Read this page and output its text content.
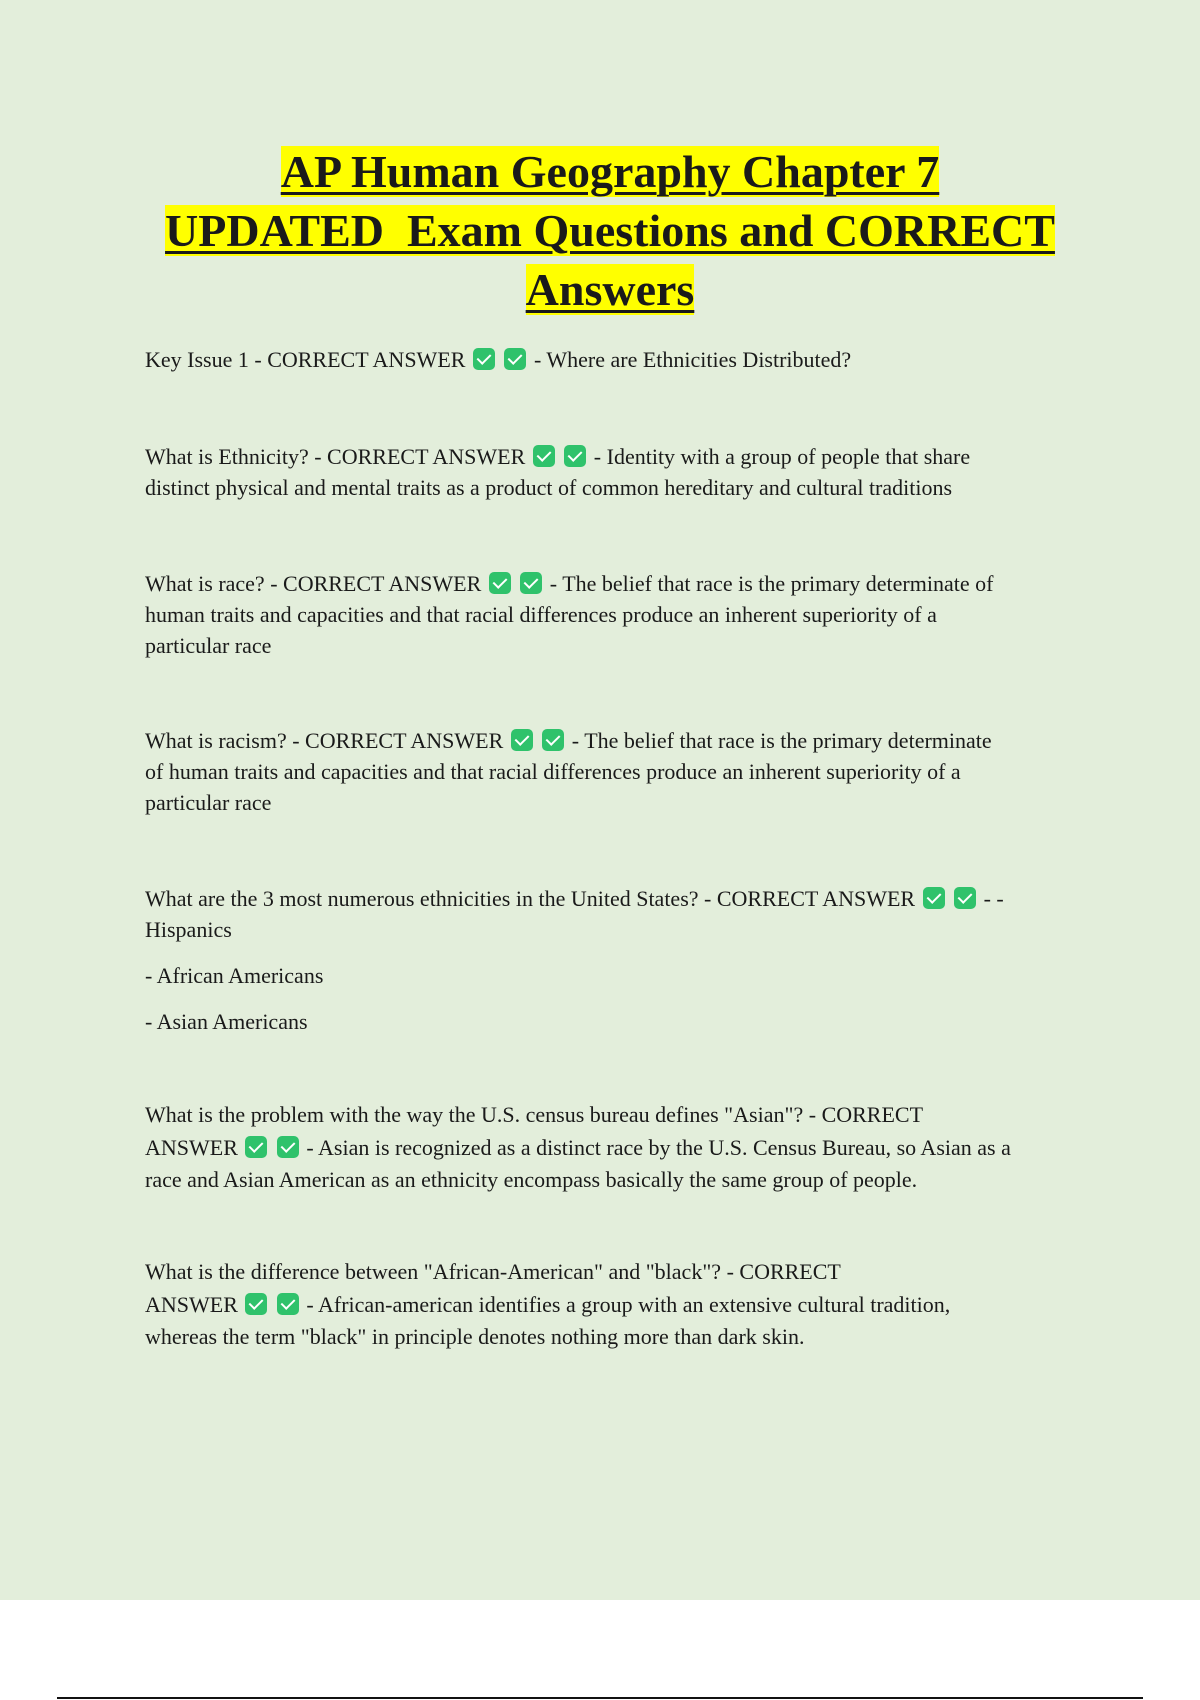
AP Human Geography Chapter 7
UPDATED  Exam Questions and CORRECT
Answers
Key Issue 1 - CORRECT ANSWER	- Where are Ethnicities Distributed?
What is Ethnicity? - CORRECT ANSWER	- Identity with a group of people that share
distinct physical and mental traits as a product of common hereditary and cultural traditions
What is race? - CORRECT ANSWER	- The belief that race is the primary determinate of
human traits and capacities and that racial differences produce an inherent superiority of a
particular race
What is racism? - CORRECT ANSWER	- The belief that race is the primary determinate
of human traits and capacities and that racial differences produce an inherent superiority of a
particular race
What are the 3 most numerous ethnicities in the United States? - CORRECT ANSWER	- -
Hispanics
- African Americans
- Asian Americans
What is the problem with the way the U.S. census bureau defines "Asian"? - CORRECT
ANSWER	- Asian is recognized as a distinct race by the U.S. Census Bureau, so Asian as a
race and Asian American as an ethnicity encompass basically the same group of people.
What is the difference between "African-American" and "black"? - CORRECT
ANSWER	- African-american identifies a group with an extensive cultural tradition,
whereas the term "black" in principle denotes nothing more than dark skin.
